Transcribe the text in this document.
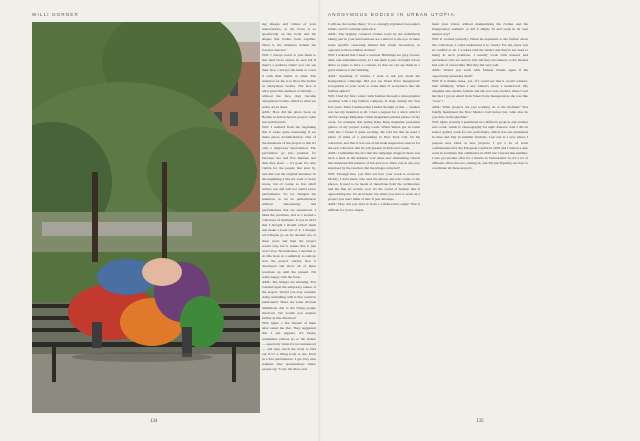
WILLI DORNER	ANONYMOUS BODIES IN URBAN UTOPIA

ing images and videos of your interventions, as the focus is so specifically on the body and the shapes that bodies form together. What is the intention behind the faceless dancers?

WD: I always teach or join them to that their faces cannot be seen but if there's a position where you can see their face, I always ask them to cover it with their hands or arms. The intention for me is to show the bodies as anonymous bodies. The face is what gives this element of identity — without the face, they become anonymous bodies, which is what we really are in cities.

AML: How did the photo book on Bodies in Urban Spaces project come into publication?

WD: I realised from the beginning that it looks quite interesting if we make photo documentation. One of the intentions of the project is that it's only a temporary intervention. The performers go into position for between two and five minutes and then they leave — it's gone. It's only visible for the people that pass by, and this was the original intention. In the beginning I did not want to leave traces, but of course so few small invites can and will not attend every performance. So we changed the intention, so we do performances without announcing, and performances that are announced. I liked the positions, and so I started a collection of moments. It was in 2012 that I thought I should collect them and make a book out of it. I thought we'd maybe go on for another two or three years and then the project would stop but it seems like it just won't stop. Nevertheless, I decided to do this book as a summary to sum up how the project started, how it developed and show all of these positions up until the present. I'm really happy with the book.

AML: The images are stunning. You touched upon the temporary nature of the project. Would you ever consider doing something with it that could be permanent? There are some obvious limitations due to the living people involved, but would you explore further in this direction?

WD: Quite a few friends of mine have asked me that. They suggested that I use puppets. It's funny, sometimes visitors go to the bodies — especially when it's not announced — and they touch the body to find out if it's a living body or not. Even in a live performance. I get very nice remarks after presentations where people say "I saw the show and

I still see the bodies there," it's so strongly ingrained in people's minds, and it's actually quite nice.

AML: The brightly coloured clothes worn by the individuals taking part in your interventions are a marvel to the eye. Is there some specific reasoning behind this visual decoration, as opposed to more sombre clothes?

WD: I realised that I need a contrast. Buildings are grey, brown, dark, and sometimes black, so I ask them to put on bright colour shirts or pants to have a contrast, so that we can see them in a good relation to the building.

AML: Speaking of clothes, I want to ask you about the Inaugaration campaign. Did you see Street Porte Inaugaurate' recognition of your work as some kind of acceptance into the fashion sphere?

WD: I had my first contact with fashion through a photographer working with a big fashion company in Italy, during my first few years. Then I realised that I hadn't thought of this — fashion was not my intention at all. I had a request for a show which I did for Garage Magazine. Other magazines printed photos of my work, for example this spring King King magazine presented photos of my project Living room. When Simon got in touch with me, I found it quite exciting. He told me that he used a photo of mine of a performing in New York City for his collection, and that it was one of his main inspiration sources for the new collection that he will present in Paris next week.

AML: I remember the fact that the campaign dropped; there was such a buzz in the industry over these new stimulating visuals that mastered this balance of fun and cool. Were you in any way surprised by the reaction that the images attracted?

WD: Through this, you find out how your work is received. Mostly, I don't know who sees the photos and who wants to the photos. It used to be heads of musicians from the architecture and the fine art worlds, now it's the world of fashion that is approaching me. It's an honour, but when you start to work on a project you don't think of that. It just develops.

AML: How did you land in from a collaborative angle? Was it difficult for you to imple-

ment your vision without manipulating the clothes and the Inaugaration aesthetic or did it simply fit and work in its own natural way?

WD: It worked perfectly. When he explained to me further about the collections, I could understand it so clearly. For me, there was no conflict at all. I worked with the model and they're not used to being in such positions. I usually work with dancers and performers who are used to this and they are trained, so the models had a bit of a hard time. But they did very well.

AML: Would you work with fashion brands again if the opportunity presented itself?

WD: If it makes sense, yes. If I could see that it would connect, then definitely. When I saw Simon's work, I understood. My daughter also studies fashion and she was very excited, when I told her that I got an email from Street Porte Inaugaration, she was like "wow"!

AML: What projects are you working on at the moment? You briefly mentioned the New Mexico trail before but, what else do you have in the pipeline?

WD: Quite recently I premiered two different projects and another solo work, which is choreography for eight dancers. And I did an indoor gallery work for two performers, which was one premiered in June and July in summer festivals. Last one is a new where I prepare new ideas or new projects. I got a lot of work commissioned for the European Capital in 2018 and I started a new work in Germany that culminates in 2019 but I started this summer. I also got another offer for a theatre in Switzerland. So it's a lot of different offers that are coming in, and I'm just figuring out how to coordinate all these projects.

134	135
